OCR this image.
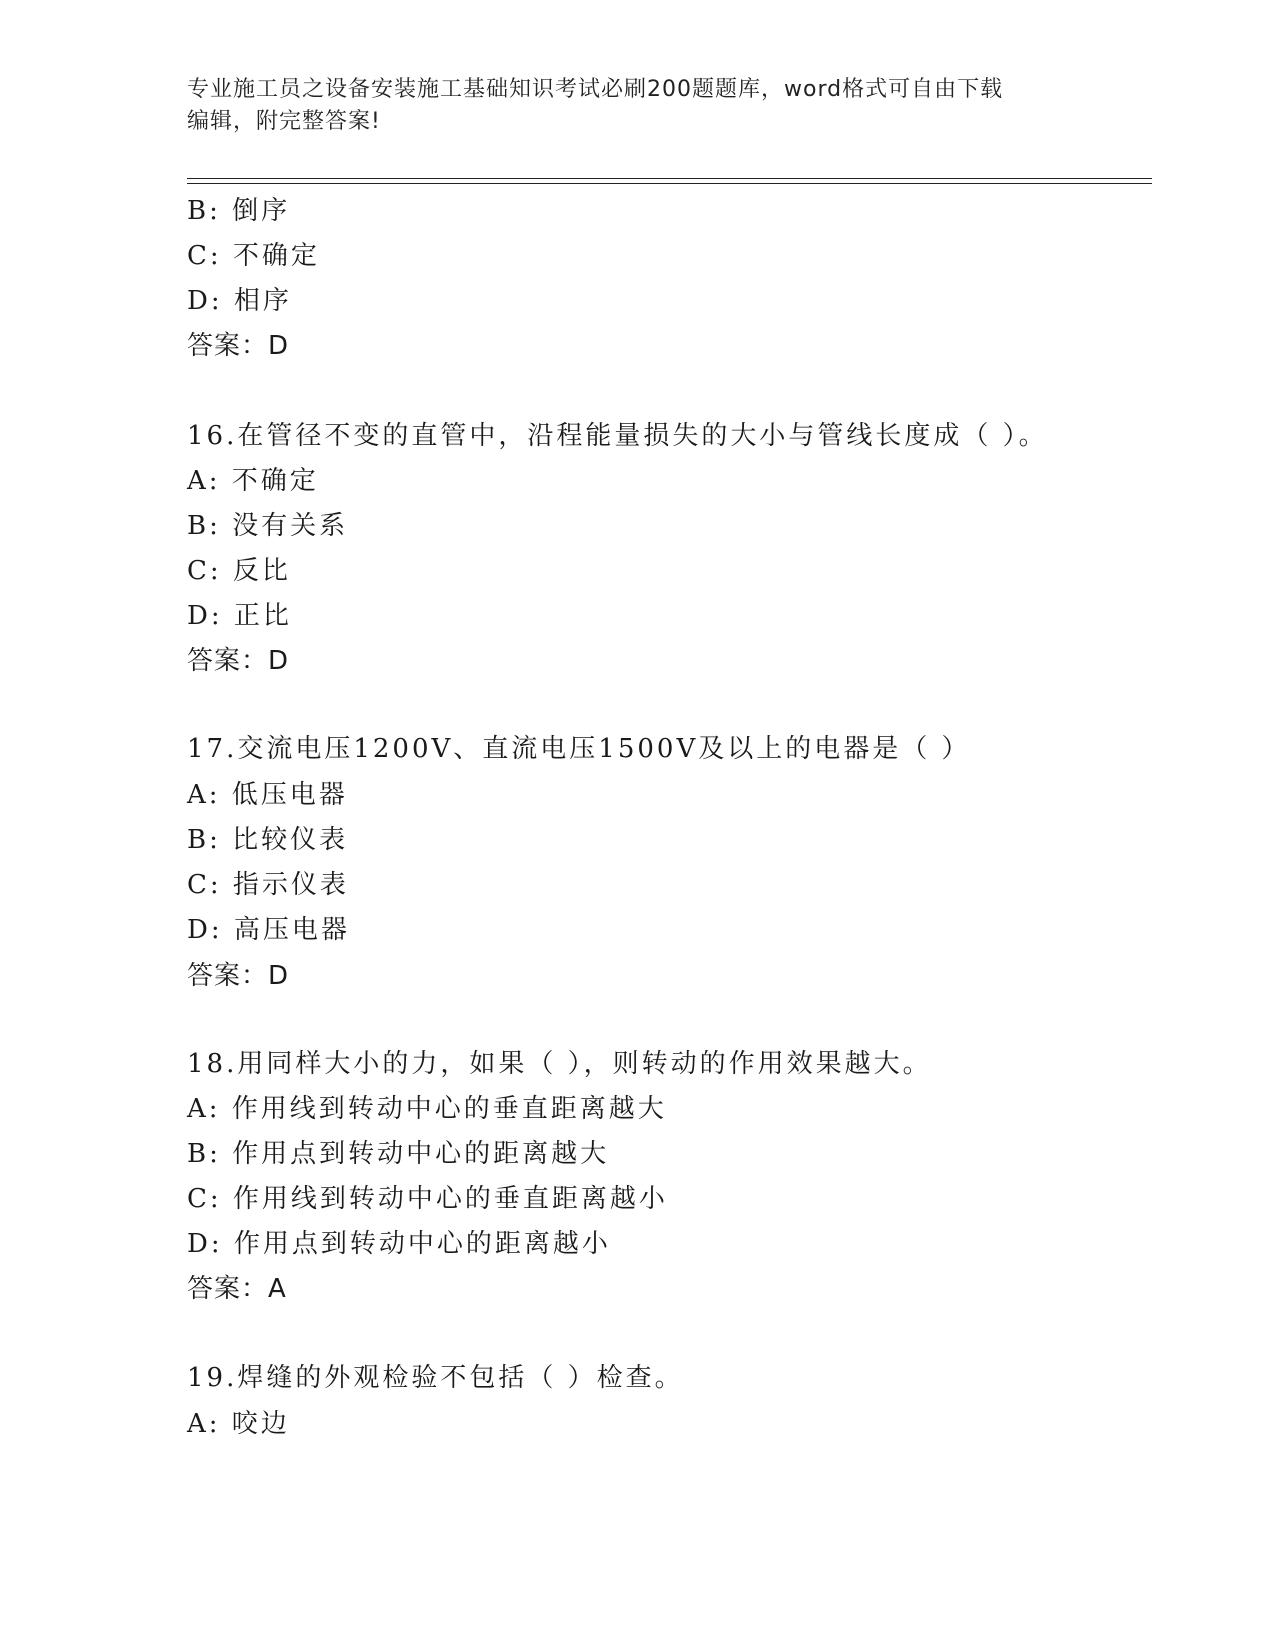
专业施工员之设备安装施工基础知识考试必刷200题题库，word格式可自由下载
编辑，附完整答案!
B: 倒序
C: 不确定
D: 相序
答案：D
16.在管径不变的直管中，沿程能量损失的大小与管线长度成（ ）。
A: 不确定
B: 没有关系
C: 反比
D: 正比
答案：D
17.交流电压1200V、直流电压1500V及以上的电器是（ ）
A: 低压电器
B: 比较仪表
C: 指示仪表
D: 高压电器
答案：D
18.用同样大小的力，如果（ ），则转动的作用效果越大。
A: 作用线到转动中心的垂直距离越大
B: 作用点到转动中心的距离越大
C: 作用线到转动中心的垂直距离越小
D: 作用点到转动中心的距离越小
答案：A
19.焊缝的外观检验不包括（ ）检查。
A: 咬边
